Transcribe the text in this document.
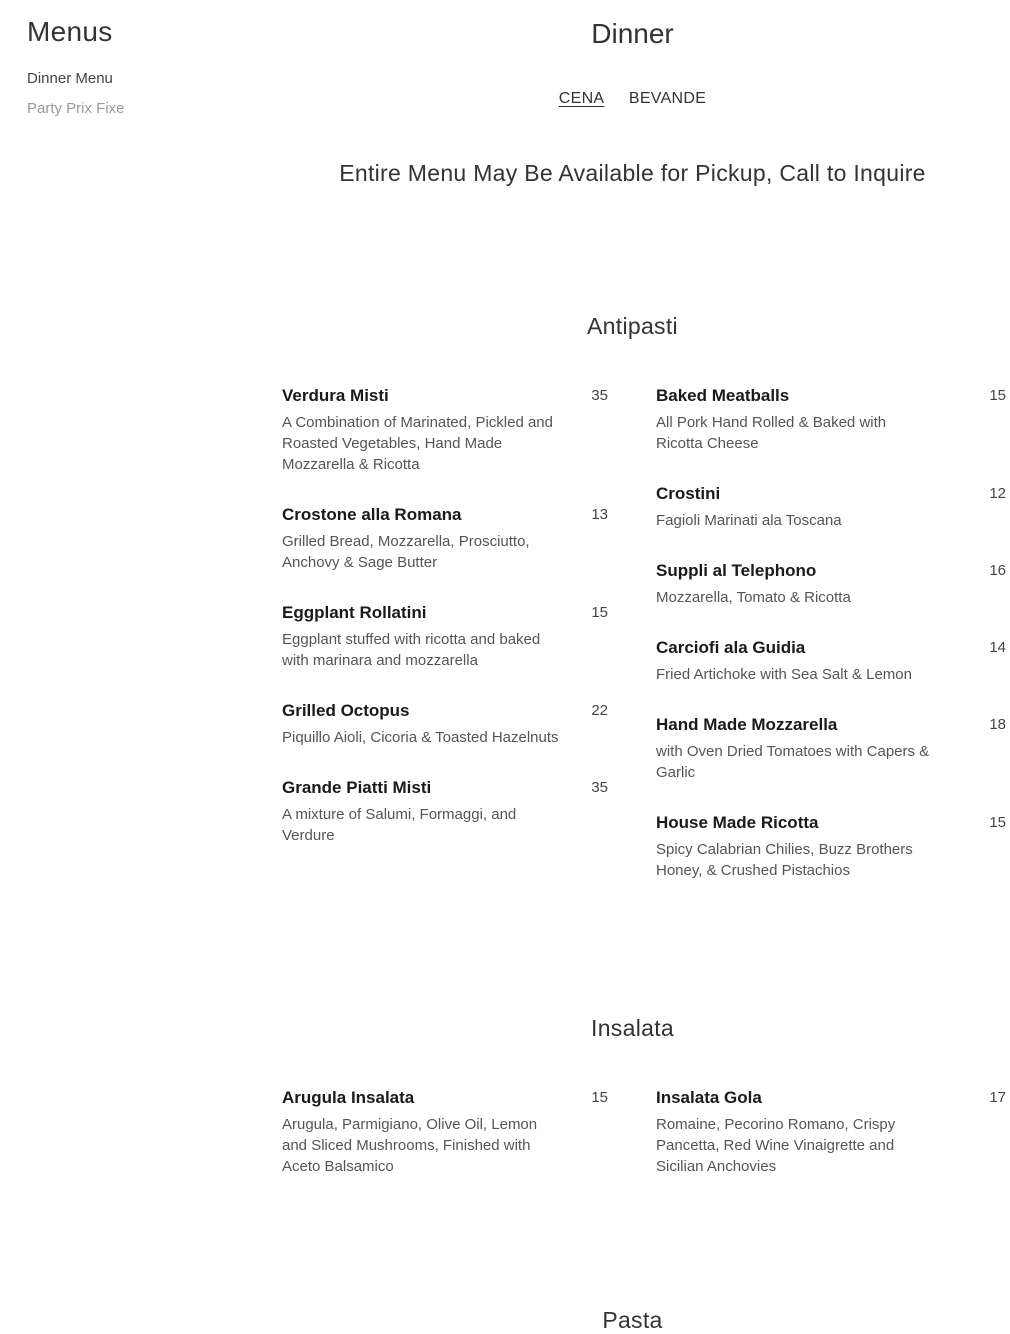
Menus
Dinner Menu
Party Prix Fixe
Dinner
CENA BEVANDE
Entire Menu May Be Available for Pickup, Call to Inquire
Antipasti
Verdura Misti	35
A Combination of Marinated, Pickled and Roasted Vegetables, Hand Made Mozzarella & Ricotta
Crostone alla Romana	13
Grilled Bread, Mozzarella, Prosciutto, Anchovy & Sage Butter
Eggplant Rollatini	15
Eggplant stuffed with ricotta and baked with marinara and mozzarella
Grilled Octopus	22
Piquillo Aioli, Cicoria & Toasted Hazelnuts
Grande Piatti Misti	35
A mixture of Salumi, Formaggi, and Verdure
Baked Meatballs	15
All Pork Hand Rolled & Baked with Ricotta Cheese
Crostini	12
Fagioli Marinati ala Toscana
Suppli al Telephono	16
Mozzarella, Tomato & Ricotta
Carciofi ala Guidia	14
Fried Artichoke with Sea Salt & Lemon
Hand Made Mozzarella	18
with Oven Dried Tomatoes with Capers & Garlic
House Made Ricotta	15
Spicy Calabrian Chilies, Buzz Brothers Honey, & Crushed Pistachios
Insalata
Arugula Insalata	15
Arugula, Parmigiano, Olive Oil, Lemon and Sliced Mushrooms, Finished with Aceto Balsamico
Insalata Gola	17
Romaine, Pecorino Romano, Crispy Pancetta, Red Wine Vinaigrette and Sicilian Anchovies
Pasta
